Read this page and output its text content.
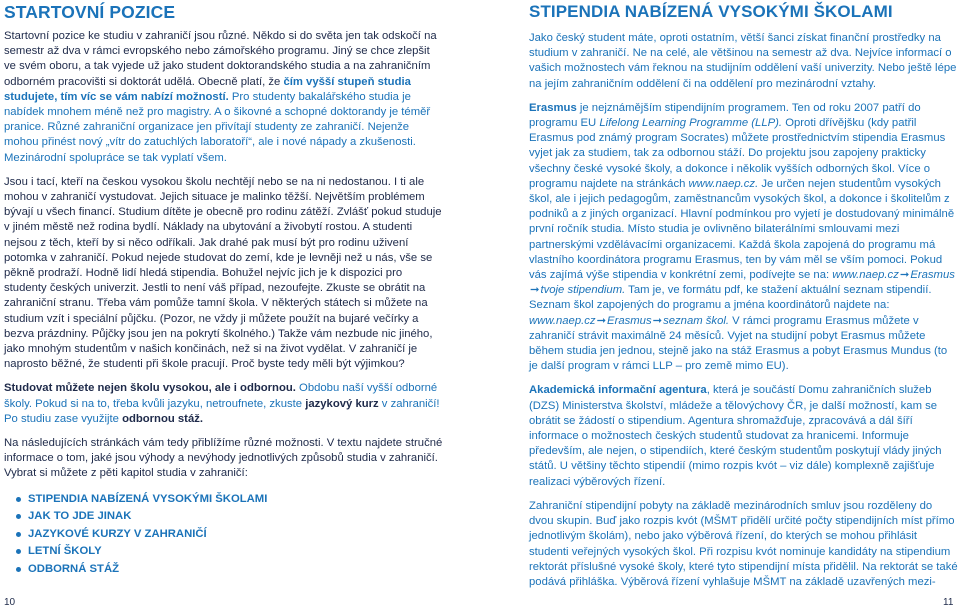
STARTOVNÍ POZICE

Startovní pozice ke studiu v zahraničí jsou různé. Někdo si do světa jen tak odskočí na semestr až dva v rámci evropského nebo zámořského programu. Jiný se chce zlepšit ve svém oboru, a tak vyjede už jako student doktorandského studia a na zahraničním odborném pracovišti si doktorát udělá. Obecně platí, že čím vyšší stupeň studia studujete, tím víc se vám nabízí možností. Pro studenty bakalářského studia je nabídek mnohem méně než pro magistry. A o šikovné a schopné doktorandy je téměř pranice. Různé zahraniční organizace jen přivítají studenty ze zahraničí. Nejenže mohou přinést nový „vítr do zatuchlých laboratoří“, ale i nové nápady a zkušenosti. Mezinárodní spolupráce se tak vyplatí všem.

Jsou i tací, kteří na českou vysokou školu nechtějí nebo se na ni nedostanou. I ti ale mohou v zahraničí vystudovat. Jejich situace je malinko těžší. Největším problémem bývají u všech financí. Studium dítěte je obecně pro rodinu zátěží. Zvlášť pokud studuje v jiném městě než rodina bydlí. Náklady na ubytování a živobytí rostou. A studenti nejsou z těch, kteří by si něco odříkali. Jak drahé pak musí být pro rodinu uživení potomka v zahraničí. Pokud nejede studovat do zemí, kde je levněji než u nás, vše se pěkně prodraží. Hodně lidí hledá stipendia. Bohužel nejvíc jich je k dispozici pro studenty českých univerzit. Jestli to není váš případ, nezoufejte. Zkuste se obrátit na zahraniční stranu. Třeba vám pomůže tamní škola. V některých státech si můžete na studium vzít i speciální půjčku. (Pozor, ne vždy ji můžete použít na bujaré večírky a bezva prázdniny. Půjčky jsou jen na pokrytí školného.) Takže vám nezbude nic jiného, jako mnohým studentům v našich končinách, než si na život vydělat. V zahraničí je naprosto běžné, že studenti při škole pracují. Proč byste tedy měli být výjimkou?

Studovat můžete nejen školu vysokou, ale i odbornou. Obdobu naší vyšší odborné školy. Pokud si na to, třeba kvůli jazyku, netroufnete, zkuste jazykový kurz v zahraničí! Po studiu zase využijte odbornou stáž.

Na následujících stránkách vám tedy přiblížíme různé možnosti. V textu najdete stručné informace o tom, jaké jsou výhody a nevýhody jednotlivých způsobů studia v zahraničí. Vybrat si můžete z pěti kapitol studia v zahraničí:

STIPENDIA NABÍZENÁ VYSOKÝMI ŠKOLAMI
JAK TO JDE JINAK
JAZYKOVÉ KURZY V ZAHRANIČÍ
LETNÍ ŠKOLY
ODBORNÁ STÁŽ
STIPENDIA NABÍZENÁ VYSOKÝMI ŠKOLAMI

Jako český student máte, oproti ostatním, větší šanci získat finanční prostředky na studium v zahraničí. Ne na celé, ale většinou na semestr až dva. Nejvíce informací o vašich možnostech vám řeknou na studijním oddělení vaší univerzity. Nebo ještě lépe na jejím zahraničním oddělení či na oddělení pro mezinárodní vztahy.

Erasmus je nejznámějším stipendijním programem. Ten od roku 2007 patří do programu EU Lifelong Learning Programme (LLP). Oproti dřívějšku (kdy patřil Erasmus pod známý program Socrates) můžete prostřednictvím stipendia Erasmus vyjet jak za studiem, tak za odbornou stáží. Do projektu jsou zapojeny prakticky všechny české vysoké školy, a dokonce i několik vyšších odborných škol. Více o programu najdete na stránkách www.naep.cz. Je určen nejen studentům vysokých škol, ale i jejich pedagogům, zaměstnancům vysokých škol, a dokonce i školitelům z podniků a z jiných organizací. Hlavní podmínkou pro vyjetí je dostudovaný minimálně první ročník studia. Místo studia je ovlivněno bilaterálními smlouvami mezi partnerskými vzdělávacími organizacemi. Každá škola zapojená do programu má vlastního koordinátora programu Erasmus, ten by vám měl se vším pomoci. Pokud vás zajímá výše stipendia v konkrétní zemi, podívejte se na: www.naep.cz➞Erasmus➞tvoje stipendium. Tam je, ve formátu pdf, ke stažení aktuální seznam stipendií. Seznam škol zapojených do programu a jména koordinátorů najdete na: www.naep.cz➞Erasmus➞seznam škol. V rámci programu Erasmus můžete v zahraničí strávit maximálně 24 měsíců. Vyjet na studijní pobyt Erasmus můžete během studia jen jednou, stejně jako na stáž Erasmus a pobyt Erasmus Mundus (to je další program v rámci LLP – pro země mimo EU).

Akademická informační agentura, která je součástí Domu zahraničních služeb (DZS) Ministerstva školství, mládeže a tělovýchovy ČR, je další možností, kam se obrátit se žádostí o stipendium. Agentura shromažďuje, zpracovává a dál šíří informace o možnostech českých studentů studovat za hranicemi. Informuje především, ale nejen, o stipendiích, které českým studentům poskytují vlády jiných států. U většiny těchto stipendií (mimo rozpis kvót – viz dále) komplexně zajišťuje realizaci výběrových řízení.

Zahraniční stipendijní pobyty na základě mezinárodních smluv jsou rozděleny do dvou skupin. Buď jako rozpis kvót (MŠMT přidělí určité počty stipendijních míst přímo jednotlivým školám), nebo jako výběrová řízení, do kterých se mohou přihlásit studenti veřejných vysokých škol. Při rozpisu kvót nominuje kandidáty na stipendium rektorát příslušné vysoké školy, které tyto stipendijní místa přidělil. Na rektorát se také podává přihláška. Výběrová řízení vyhlašuje MŠMT na základě uzavřených mezi-

10	11
